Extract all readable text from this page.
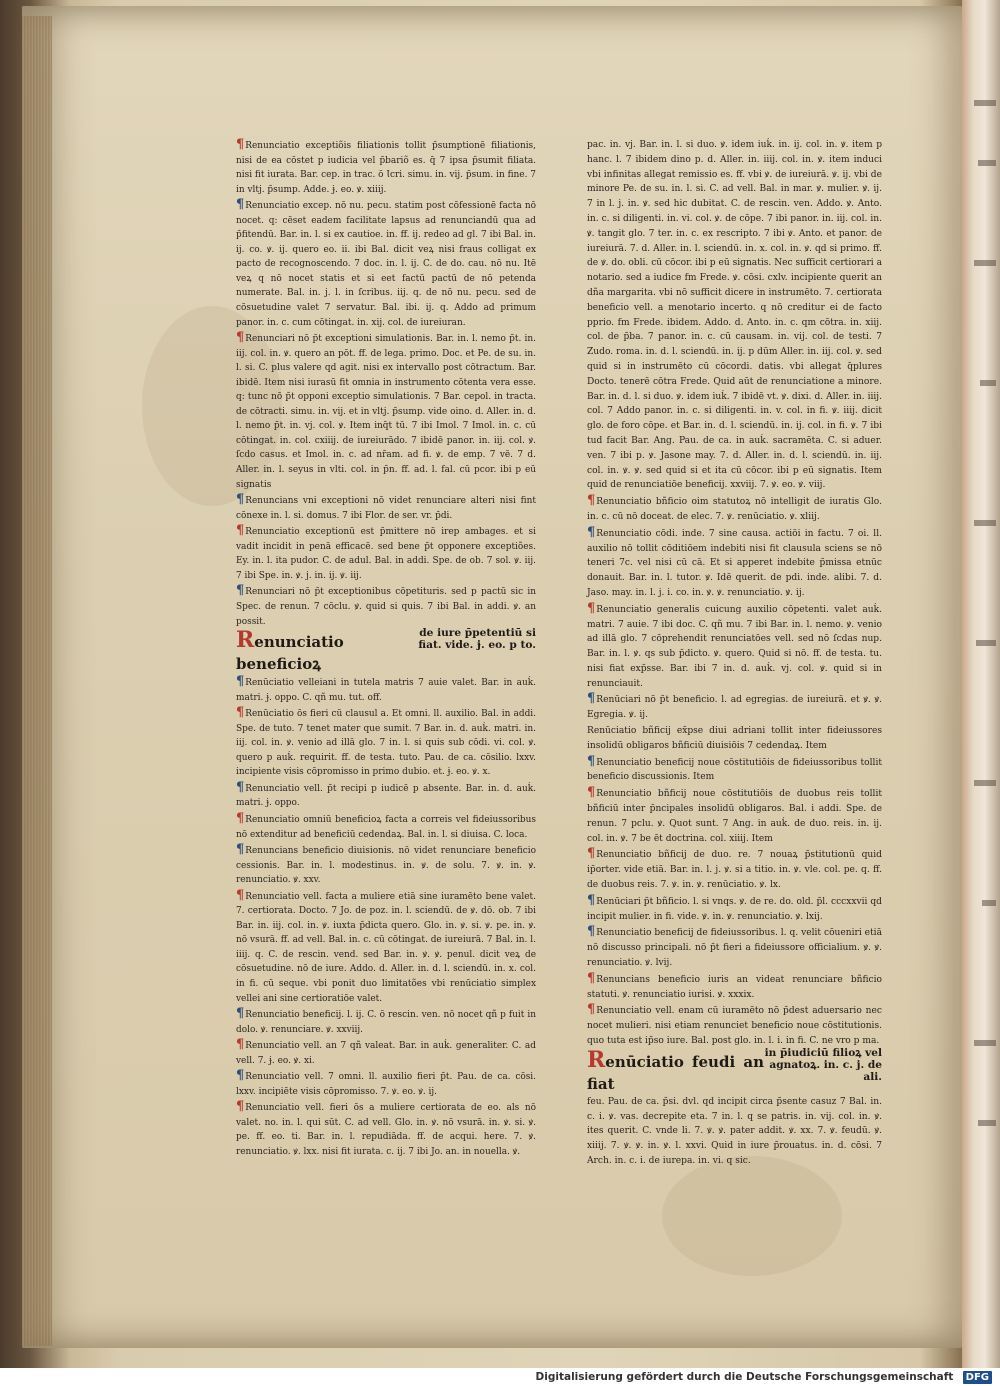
¶Renunciatio exceptiõis filiationis tollit p̄sumptionē filiationis, nisi de ea cōstet p iudicia vel p̄bariõ es. q̄ 7 ipsa p̄sumit filiata. nisi fit iurata. Bar. cep. in trac. ō Ɩcri. simu. in. vij. p̄sum. in fine. 7 in vltj. p̄sump. Adde. ɉ. eo. ꝟ. xiiij.
¶Renunciatio excep. nō nu. pecu. statim post cōfessionē facta nō nocet. q: cēset eadem facilitate lapsus ad renunciandū qua ad p̄fitendū. Bar. in. l. si ex cautioe. in. ff. ij. redeo ad gl. 7 ibi Bal. in. ij. co. ꝟ. ij. quero eo. ii. ibi Bal. dicit veꝝ nisi fraus colligat ex pacto de recognoscendo. 7 doc. in. l. ij. C. de do. cau. nō nu. Itē veꝝ q nō nocet statis et si eet factū pactū de nō petenda numerate. Bal. in. j. l. in ſcribus. iij. q. de nō nu. pecu. sed de cōsuetudine valet 7 servatur. Bal. ibi. ij. q. Addo ad primum panor. in. c. cum cōtingat. in. xij. col. de iureiuran.
¶Renunciari nō p̄t exceptioni simulationis. Bar. in. l. nemo p̄t. in. iij. col. in. ꝟ. quero an pōt. ff. de lega. primo. Doc. et Pe. de su. in. l. si. C. plus valere qd agit. nisi ex intervallo post cōtractum. Bar. ibidē. Item nisi iurasū fit omnia in instrumento cōtenta vera esse. q: tunc nō p̄t opponi exceptio simulationis. 7 Bar. cepol. in tracta. de cōtracti. simu. in. vij. et in vltj. p̄sump. vide oino. d. Aller. in. d. l. nemo p̄t. in. vj. col. ꝟ. Item inq̄t tū. 7 ibi Imol. 7 Imol. in. c. cū cōtingat. in. col. cxiiij. de iureiurādo. 7 ibidē panor. in. iij. col. ꝟ. ſcdo casus. et Imol. in. c. ad nr̄am. ad fi. ꝟ. de emp. 7 vē. 7 d. Aller. in. l. seyus in vlti. col. in p̄n. ff. ad. l. fal. cū pcor. ibi p eū signatis
¶Renuncians vni exceptioni nō videt renunciare alteri nisi fint cōnexe in. l. si. domus. 7 ibi Flor. de ser. vr. p̄di.
¶Renunciatio exceptionū est p̄mittere nō irep ambages. et si vadit incidit in penā efficacē. sed bene p̄t opponere exceptiões. Ey. in. l. ita pudor. C. de adul. Bal. in addi. Spe. de ob. 7 sol. ꝟ. iij. 7 ibi Spe. in. ꝟ. j. in. ij. ꝟ. iij.
¶Renunciari nō p̄t exceptionibus cōpetituris. sed p pactū sic in Spec. de renun. 7 cōclu. ꝟ. quid si quis. 7 ibi Bal. in addi. ꝟ. an possit.
de iure p̄petentiū si
fiat. vide. ɉ. eo. p to.
Renunciatio beneficioꝝ
¶Renūciatio velleiani in tutela matris 7 auie valet. Bar. in auḱ. matri. ɉ. oppo. C. qñ mu. tut. off.
¶Renūciatio ōs fieri cū clausul a. Et omni. ll. auxilio. Bal. in addi. Spe. de tuto. 7 tenet mater que sumit. 7 Bar. in. d. auḱ. matri. in. iij. col. in. ꝟ. venio ad illā glo. 7 in. l. si quis sub cōdi. vi. col. ꝟ. quero p auḱ. requirit. ff. de testa. tuto. Pau. de ca. cōsilio. lxxv. incipiente visis cōpromisso in primo dubio. et. ɉ. eo. ꝟ. x.
¶Renunciatio vell. p̄t recipi p iudicē p absente. Bar. in. d. auḱ. matri. ɉ. oppo.
¶Renunciatio omniū beneficioꝝ facta a correis vel fideiussoribus nō extenditur ad beneficiū cedendaꝝ. Bal. in. l. si diuisa. C. loca.
¶Renuncians beneficio diuisionis. nō videt renunciare beneficio cessionis. Bar. in. l. modestinus. in. ꝟ. de solu. 7. ꝟ. in. ꝟ. renunciatio. ꝟ. xxv.
¶Renunciatio vell. facta a muliere etiā sine iuramēto bene valet. 7. certiorata. Docto. 7 Jo. de poz. in. l. sciendū. de ꝟ. dō. ob. 7 ibi Bar. in. iij. col. in. ꝟ. iuxta p̄dicta quero. Glo. in. ꝟ. si. ꝟ. pe. in. ꝟ. nō vsurā. ff. ad vell. Bal. in. c. cū cōtingat. de iureiurā. 7 Bal. in. l. iiij. q. C. de rescin. vend. sed Bar. in. ꝟ. ꝟ. penul. dicit veꝝ de cōsuetudine. nō de iure. Addo. d. Aller. in. d. l. sciendū. in. x. col. in fi. cū seque. vbi ponit duo limitatões vbi renūciatio simplex vellei ani sine certioratiōe valet.
¶Renunciatio beneficij. l. ij. C. ō rescin. ven. nō nocet qñ p fuit in dolo. ꝟ. renunciare. ꝟ. xxviij.
¶Renunciatio vell. an 7 qñ valeat. Bar. in auḱ. generaliter. C. ad vell. 7. ɉ. eo. ꝟ. xi.
¶Renunciatio vell. 7 omni. ll. auxilio fieri p̄t. Pau. de ca. cōsi. lxxv. incipiēte visis cōpromisso. 7. ꝟ. eo. ꝟ. ij.
¶Renunciatio vell. fieri ōs a muliere certiorata de eo. als nō valet. no. in. l. qui sūt. C. ad vell. Glo. in. ꝟ. nō vsurā. in. ꝟ. si. ꝟ. pe. ff. eo. ti. Bar. in. l. repudiāda. ff. de acqui. here. 7. ꝟ. renunciatio. ꝟ. lxx. nisi fit iurata. c. ij. 7 ibi Jo. an. in nouella. ꝟ.
pac. in. vj. Bar. in. l. si duo. ꝟ. idem iuḱ. in. ij. col. in. ꝟ. item p hanc. l. 7 ibidem dino p. d. Aller. in. iiij. col. in. ꝟ. item induci vbi infinitas allegat remissio es. ff. vbi ꝟ. de iureiurā. ꝟ. ij. vbi de minore Pe. de su. in. l. si. C. ad vell. Bal. in mar. ꝟ. mulier. ꝟ. ij. 7 in l. j. in. ꝟ. sed hic dubitat. C. de rescin. ven. Addo. ꝟ. Anto. in. c. si diligenti. in. vi. col. ꝟ. de cōpe. 7 ibi panor. in. iij. col. in. ꝟ. tangit glo. 7 ter. in. c. ex rescripto. 7 ibi ꝟ. Anto. et panor. de iureiurā. 7. d. Aller. in. l. sciendū. in. x. col. in. ꝟ. qd si primo. ff. de ꝟ. do. obli. cū cōcor. ibi p eū signatis. Nec sufficit certiorari a notario. sed a iudice fm Frede. ꝟ. cōsi. cxlv. incipiente querit an dña margarita. vbi nō sufficit dicere in instrumēto. 7. certiorata beneficio vell. a menotario incerto. q nō creditur ei de facto pprio. fm Frede. ibidem. Addo. d. Anto. in. c. qm cōtra. in. xiij. col. de p̄ba. 7 panor. in. c. cū causam. in. vij. col. de testi. 7 Zudo. roma. in. d. l. sciendū. in. ij. p dūm Aller. in. iij. col. ꝟ. sed quid si in instrumēto cū cōcordi. datis. vbi allegat q̄plures Docto. tenerē cōtra Frede. Quid aūt de renunciatione a minore. Bar. in. d. l. si duo. ꝟ. idem iuḱ. 7 ibidē vt. ꝟ. dixi. d. Aller. in. iiij. col. 7 Addo panor. in. c. si diligenti. in. v. col. in fi. ꝟ. iiij. dicit glo. de foro cōpe. et Bar. in. d. l. sciendū. in. ij. col. in fi. ꝟ. 7 ibi tud facit Bar. Ang. Pau. de ca. in auḱ. sacramēta. C. si aduer. ven. 7 ibi p. ꝟ. Jasone may. 7. d. Aller. in. d. l. sciendū. in. iij. col. in. ꝟ. ꝟ. sed quid si et ita cū cōcor. ibi p eū signatis. Item quid de renunciatiōe beneficij. xxviij. 7. ꝟ. eo. ꝟ. viij.
¶Renunciatio bñficio oim statutoꝝ nō intelligit de iuratis Glo. in. c. cū nō doceat. de elec. 7. ꝟ. renūciatio. ꝟ. xliij.
¶Renunciatio cōdi. inde. 7 sine causa. actiōi in factu. 7 oi. ll. auxilio nō tollit cōditiōem indebiti nisi fit clausula sciens se nō teneri 7c. vel nisi cū cā. Et si apperet indebite p̄missa etnūc donauit. Bar. in. l. tutor. ꝟ. Idē querit. de pdi. inde. alibi. 7. d. Jaso. may. in. l. j. i. co. in. ꝟ. ꝟ. renunciatio. ꝟ. ij.
¶Renunciatio generalis cuicung auxilio cōpetenti. valet auḱ. matri. 7 auie. 7 ibi doc. C. qñ mu. 7 ibi Bar. in. l. nemo. ꝟ. venio ad illā glo. 7 cōprehendit renunciatōes vell. sed nō ſcdas nup. Bar. in. l. ꝟ. qs sub p̄dicto. ꝟ. quero. Quid si nō. ff. de testa. tu. nisi fiat exp̄sse. Bar. ibi 7 in. d. auḱ. vj. col. ꝟ. quid si in renunciauit.
¶Renūciari nō p̄t beneficio. l. ad egregias. de iureiurā. et ꝟ. ꝟ. Egregia. ꝟ. ij.
Renūciatio bñficij ex̄pse diui adriani tollit inter fideiussores insolidū obligaros bñficiū diuisiōis 7 cedendaꝝ. Item
¶Renunciatio beneficij noue cōstitutiōis de fideiussoribus tollit beneficio discussionis. Item
¶Renunciatio bñficij noue cōstitutiōis de duobus reis tollit bñficiū inter p̄ncipales insolidū obligaros. Bal. i addi. Spe. de renun. 7 pclu. ꝟ. Quot sunt. 7 Ang. in auḱ. de duo. reis. in. ij. col. in. ꝟ. 7 be ēt doctrina. col. xiiij. Item
¶Renunciatio bñficij de duo. re. 7 nouaꝝ p̄stitutionū quid ip̄orter. vide etiā. Bar. in. l. j. ꝟ. si a titio. in. ꝟ. vle. col. pe. q. ff. de duobus reis. 7. ꝟ. in. ꝟ. renūciatio. ꝟ. lx.
¶Renūciari p̄t bñficio. l. si vnqs. ꝟ. de re. do. old. p̄l. cccxxvii qd incipit mulier. in fi. vide. ꝟ. in. ꝟ. renunciatio. ꝟ. lxij.
¶Renunciatio beneficij de fideiussoribus. l. q. velit cōueniri etiā nō discusso principali. nō p̄t fieri a fideiussore officialium. ꝟ. ꝟ. renunciatio. ꝟ. lvij.
¶Renuncians beneficio iuris an videat renunciare bñficio statuti. ꝟ. renunciatio iurisi. ꝟ. xxxix.
¶Renunciatio vell. enam cū iuramēto nō p̄dest aduersario nec nocet mulieri. nisi etiam renunciet beneficio noue cōstitutionis. quo tuta est ip̄so iure. Bal. post glo. in. l. i. in fi. C. ne vro p ma.
in p̄iudiciū filioꝝ vel
agnatoꝝ. in. c. j. de ali.
Renūciatio feudi an fiat
feu. Pau. de ca. p̄si. dvl. qd incipit circa p̄sente casuz 7 Bal. in. c. i. ꝟ. vas. decrepite eta. 7 in. l. q se patris. in. vij. col. in. ꝟ. ites querit. C. vnde li. 7. ꝟ. ꝟ. pater addit. ꝟ. xx. 7. ꝟ. feudū. ꝟ. xiiij. 7. ꝟ. ꝟ. in. ꝟ. l. xxvi. Quid in iure p̄rouatus. in. d. cōsi. 7 Arch. in. c. i. de iurepa. in. vi. q sic.
Digitalisierung gefördert durch die Deutsche Forschungsgemeinschaft DFG
